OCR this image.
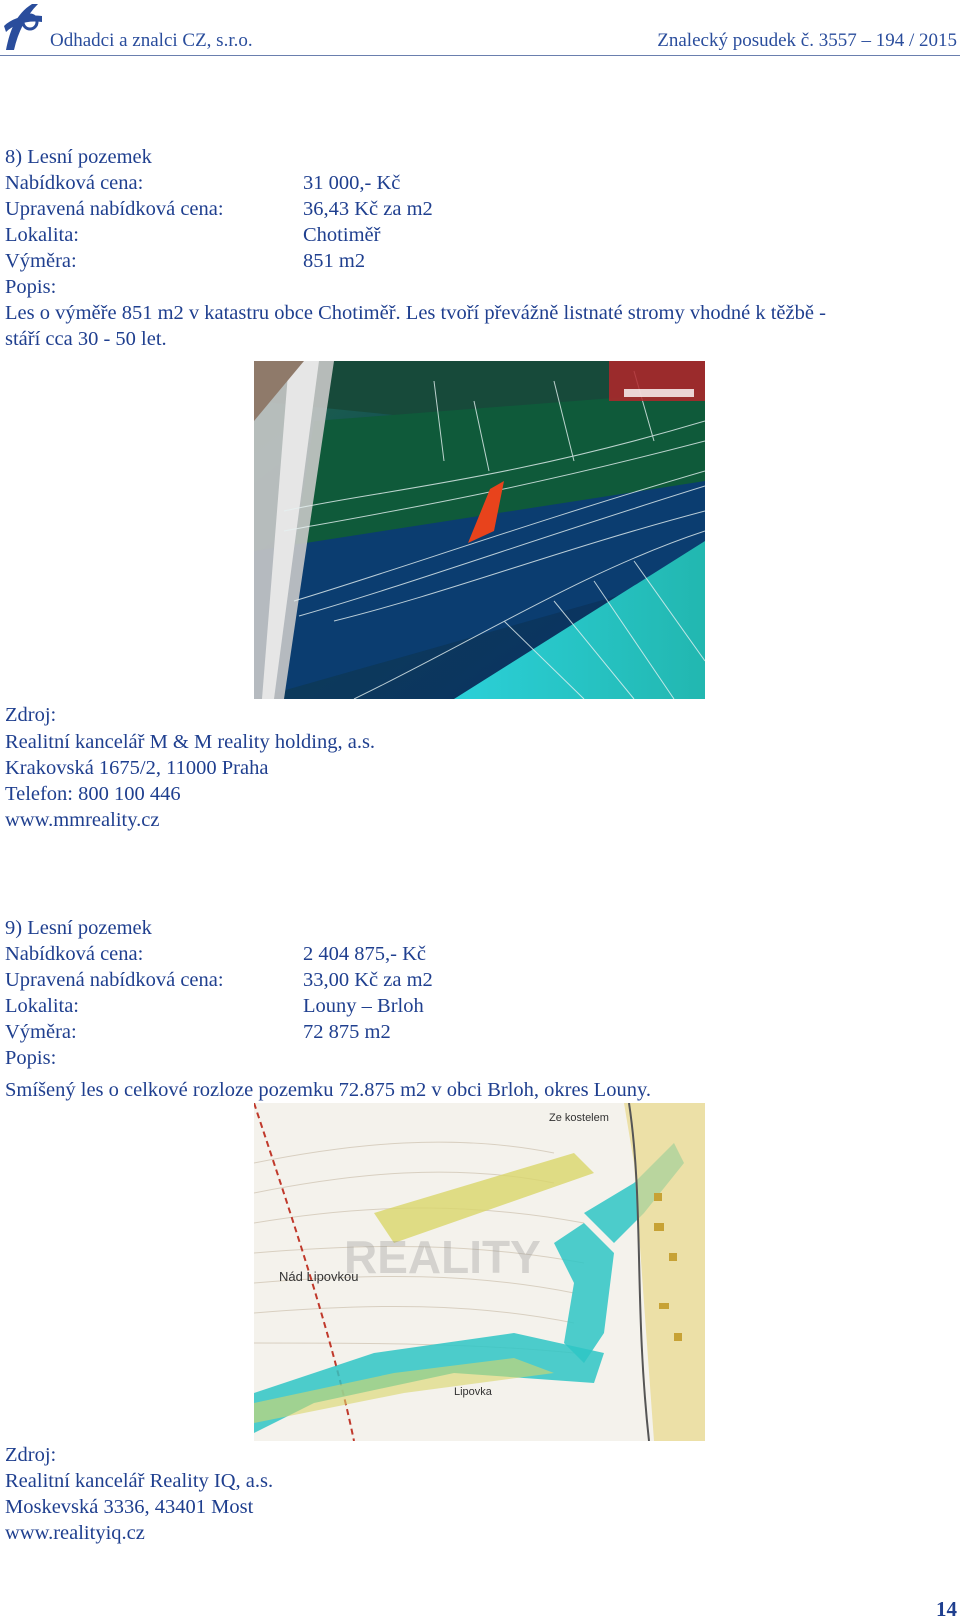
Odhadci a znalci CZ, s.r.o.	Znalecký posudek č. 3557 – 194 / 2015
8) Lesní pozemek
Nabídková cena:	31 000,- Kč
Upravená nabídková cena:	36,43 Kč za m2
Lokalita:	Chotiměř
Výměra:	851 m2
Popis:
Les o výměře 851 m2 v katastru obce Chotiměř. Les tvoří převážně listnaté stromy vhodné k těžbě -
stáří cca 30 - 50 let.
Zdroj:
Realitní kancelář M & M reality holding, a.s.
Krakovská 1675/2, 11000 Praha
Telefon: 800 100 446
www.mmreality.cz
9) Lesní pozemek
Nabídková cena:	2 404 875,- Kč
Upravená nabídková cena:	33,00 Kč za m2
Lokalita:	Louny – Brloh
Výměra:	72 875 m2
Popis:
Smíšený les o celkové rozloze pozemku 72.875 m2 v obci Brloh, okres Louny.
Ze kostelem
Nád Lipovkou
Lipovka
REALITY
Zdroj:
Realitní kancelář Reality IQ, a.s.
Moskevská 3336, 43401 Most
www.realityiq.cz
14
